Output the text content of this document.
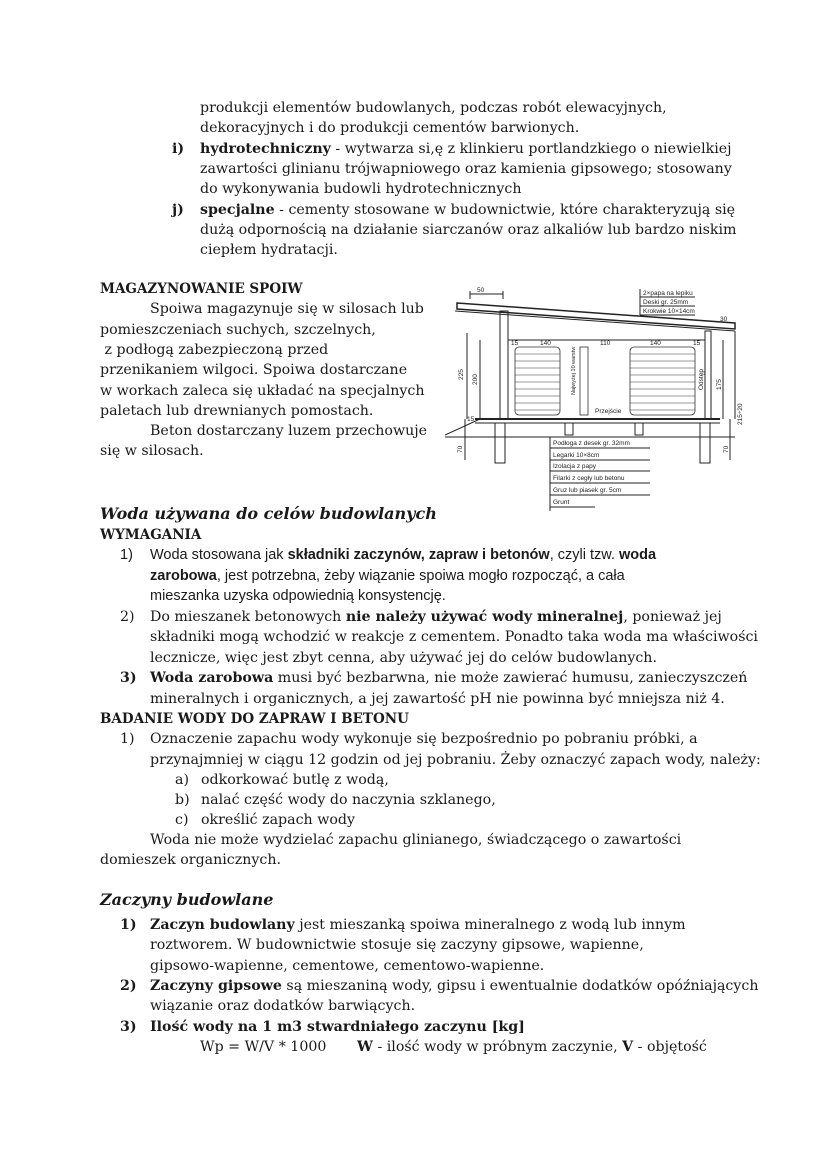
produkcji elementów budowlanych, podczas robót elewacyjnych,
dekoracyjnych i do produkcji cementów barwionych.
i) hydrotechniczny - wytwarza si,ę z klinkieru portlandzkiego o niewielkiej
zawartości glinianu trójwapniowego oraz kamienia gipsowego; stosowany
do wykonywania budowli hydrotechnicznych
j) specjalne - cementy stosowane w budownictwie, które charakteryzują się
dużą odpornością na działanie siarczanów oraz alkaliów lub bardzo niskim
ciepłem hydratacji.
MAGAZYNOWANIE SPOIW
Spoiwa magazynuje się w silosach lub
pomieszczeniach suchych, szczelnych,
z podłogą zabezpieczoną przed
przenikaniem wilgoci. Spoiwa dostarczane
w workach zaleca się układać na specjalnych
paletach lub drewnianych pomostach.
Beton dostarczany luzem przechowuje
się w silosach.
2×papa na lepiku
Deski gr. 25mm
Krokwie 10×14cm
50
30
15	140	110	140	15
225 200
15
70
175
215÷20
70
Najwyżej 10 warstw
Przejście
Odstęp
Podłoga z desek gr. 32mm
Legarki 10×8cm
Izolacja z papy
Filarki z cegły lub betonu
Gruz lub piasek gr. 5cm
Grunt
Woda używana do celów budowlanych
WYMAGANIA
1) Woda stosowana jak składniki zaczynów, zapraw i betonów, czyli tzw. woda
zarobowa, jest potrzebna, żeby wiązanie spoiwa mogło rozpocząć, a cała
mieszanka uzyska odpowiednią konsystencję.
2) Do mieszanek betonowych nie należy używać wody mineralnej, ponieważ jej
składniki mogą wchodzić w reakcje z cementem. Ponadto taka woda ma właściwości
lecznicze, więc jest zbyt cenna, aby używać jej do celów budowlanych.
3) Woda zarobowa musi być bezbarwna, nie może zawierać humusu, zanieczyszczeń
mineralnych i organicznych, a jej zawartość pH nie powinna być mniejsza niż 4.
BADANIE WODY DO ZAPRAW I BETONU
1) Oznaczenie zapachu wody wykonuje się bezpośrednio po pobraniu próbki, a
przynajmniej w ciągu 12 godzin od jej pobraniu. Żeby oznaczyć zapach wody, należy:
a) odkorkować butlę z wodą,
b) nalać część wody do naczynia szklanego,
c) określić zapach wody
Woda nie może wydzielać zapachu glinianego, świadczącego o zawartości
domieszek organicznych.
Zaczyny budowlane
1) Zaczyn budowlany jest mieszanką spoiwa mineralnego z wodą lub innym
roztworem. W budownictwie stosuje się zaczyny gipsowe, wapienne,
gipsowo-wapienne, cementowe, cementowo-wapienne.
2) Zaczyny gipsowe są mieszaniną wody, gipsu i ewentualnie dodatków opóźniających
wiązanie oraz dodatków barwiących.
3) Ilość wody na 1 m3 stwardniałego zaczynu [kg]
Wp = W/V * 1000 W - ilość wody w próbnym zaczynie, V - objętość
